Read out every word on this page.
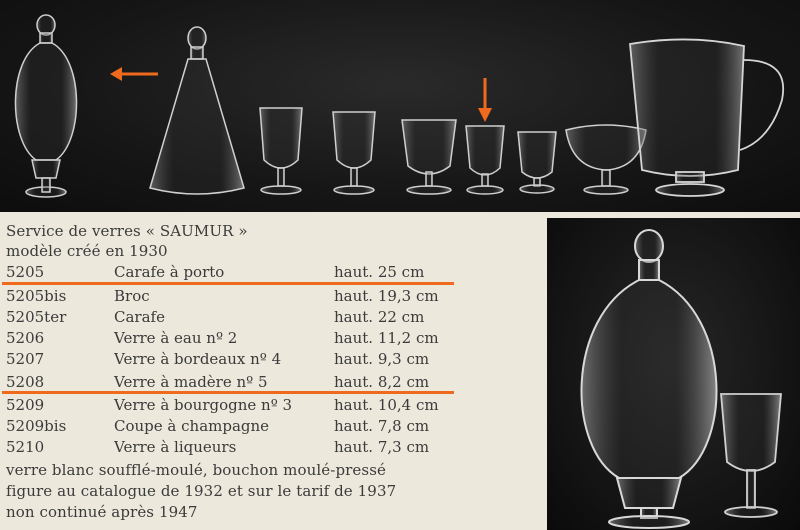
Service de verres « SAUMUR »
modèle créé en 1930
5205	Carafe à porto	haut. 25 cm
5205bis	Broc	haut. 19,3 cm
5205ter	Carafe	haut. 22 cm
5206	Verre à eau nº 2	haut. 11,2 cm
5207	Verre à bordeaux nº 4	haut. 9,3 cm
5208	Verre à madère nº 5	haut. 8,2 cm
5209	Verre à bourgogne nº 3	haut. 10,4 cm
5209bis	Coupe à champagne	haut. 7,8 cm
5210	Verre à liqueurs	haut. 7,3 cm
verre blanc soufflé-moulé, bouchon moulé-pressé
figure au catalogue de 1932 et sur le tarif de 1937
non continué après 1947
